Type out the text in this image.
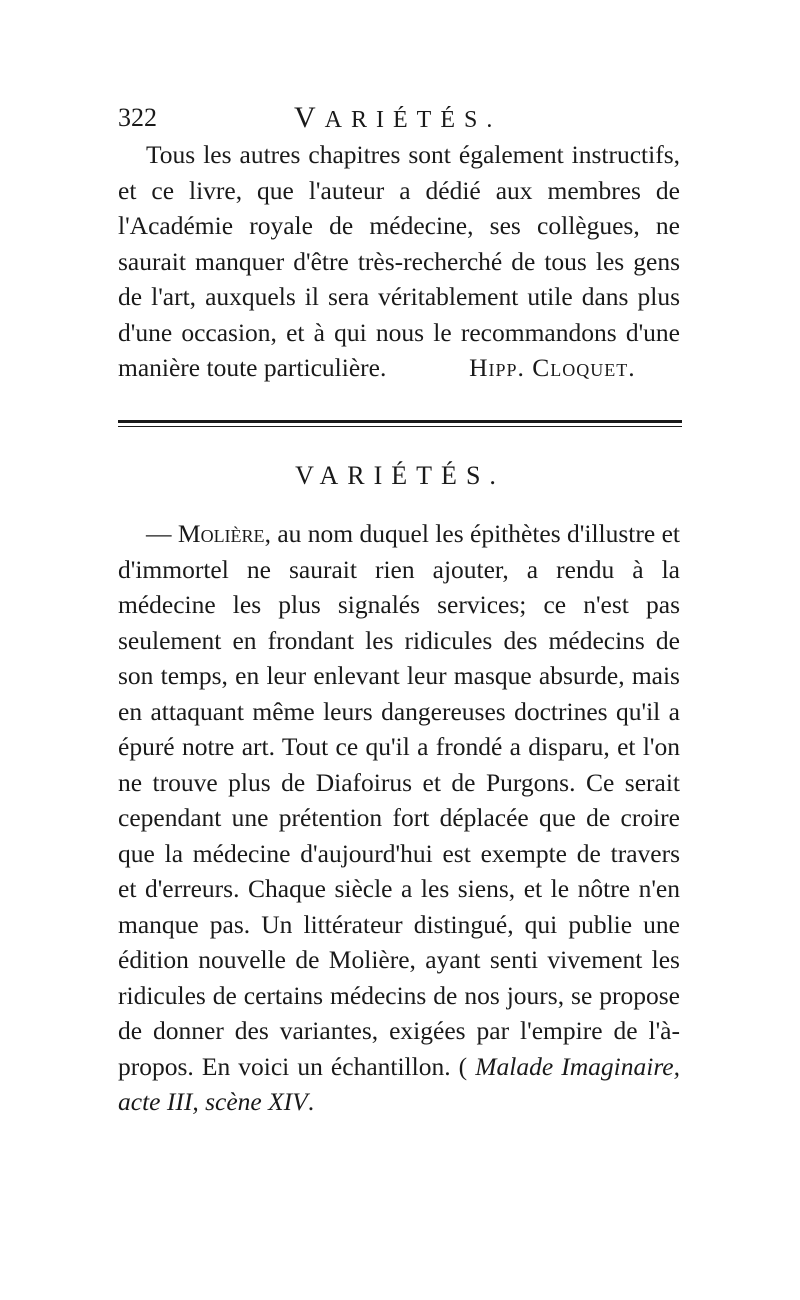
322	VARIÉTÉS.

Tous les autres chapitres sont également instructifs, et ce livre, que l'auteur a dédié aux membres de l'Académie royale de médecine, ses collègues, ne saurait manquer d'être très-recherché de tous les gens de l'art, auxquels il sera véritablement utile dans plus d'une occasion, et à qui nous le recommandons d'une manière toute particulière.	Hipp. Cloquet.

VARIÉTÉS.

— Molière, au nom duquel les épithètes d'illustre et d'immortel ne saurait rien ajouter, a rendu à la médecine les plus signalés services; ce n'est pas seulement en frondant les ridicules des médecins de son temps, en leur enlevant leur masque absurde, mais en attaquant même leurs dangereuses doctrines qu'il a épuré notre art. Tout ce qu'il a frondé a disparu, et l'on ne trouve plus de Diafoirus et de Purgons. Ce serait cependant une prétention fort déplacée que de croire que la médecine d'aujourd'hui est exempte de travers et d'erreurs. Chaque siècle a les siens, et le nôtre n'en manque pas. Un littérateur distingué, qui publie une édition nouvelle de Molière, ayant senti vivement les ridicules de certains médecins de nos jours, se propose de donner des variantes, exigées par l'empire de l'à-propos. En voici un échantillon. ( Malade Imaginaire, acte III, scène XIV.
